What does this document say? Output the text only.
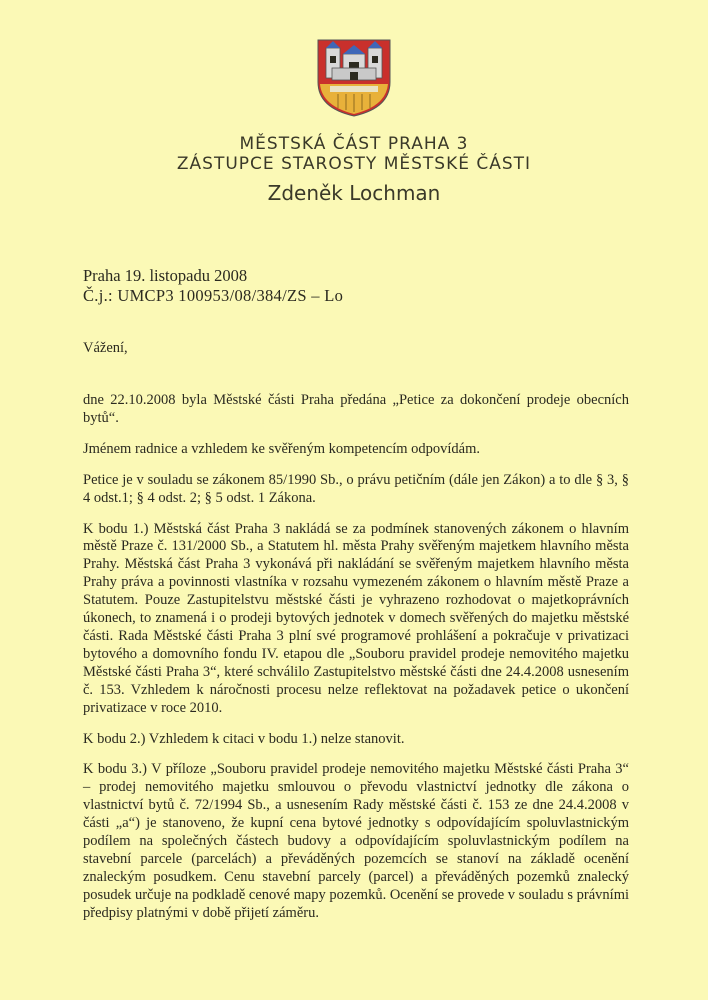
MĚSTSKÁ ČÁST PRAHA 3
ZÁSTUPCE STAROSTY MĚSTSKÉ ČÁSTI
Zdeněk Lochman
Praha 19. listopadu 2008
Č.j.: UMCP3 100953/08/384/ZS – Lo
Vážení,

dne 22.10.2008 byla Městské části Praha předána „Petice za dokončení prodeje obecních bytů“.

Jménem radnice a vzhledem ke svěřeným kompetencím odpovídám.

Petice je v souladu se zákonem 85/1990 Sb., o právu petičním (dále jen Zákon) a to dle § 3, § 4 odst.1; § 4 odst. 2; § 5 odst. 1 Zákona.

K bodu 1.) Městská část Praha 3 nakládá se za podmínek stanovených zákonem o hlavním městě Praze č. 131/2000 Sb., a Statutem hl. města Prahy svěřeným majetkem hlavního města Prahy. Městská část Praha 3 vykonává při nakládání se svěřeným majetkem hlavního města Prahy práva a povinnosti vlastníka v rozsahu vymezeném zákonem o hlavním městě Praze a Statutem. Pouze Zastupitelstvu městské části je vyhrazeno rozhodovat o majetkoprávních úkonech, to znamená i o prodeji bytových jednotek v domech svěřených do majetku městské části. Rada Městské části Praha 3 plní své programové prohlášení a pokračuje v privatizaci bytového a domovního fondu IV. etapou dle „Souboru pravidel prodeje nemovitého majetku Městské části Praha 3“, které schválilo Zastupitelstvo městské části dne 24.4.2008 usnesením č. 153. Vzhledem k náročnosti procesu nelze reflektovat na požadavek petice o ukončení privatizace v roce 2010.

K bodu 2.) Vzhledem k citaci v bodu 1.) nelze stanovit.

K bodu 3.) V příloze „Souboru pravidel prodeje nemovitého majetku Městské části Praha 3“ – prodej nemovitého majetku smlouvou o převodu vlastnictví jednotky dle zákona o vlastnictví bytů č. 72/1994 Sb., a usnesením Rady městské části č. 153 ze dne 24.4.2008 v části „a“) je stanoveno, že kupní cena bytové jednotky s odpovídajícím spoluvlastnickým podílem na společných částech budovy a odpovídajícím spoluvlastnickým podílem na stavební parcele (parcelách) a převáděných pozemcích se stanoví na základě ocenění znaleckým posudkem. Cenu stavební parcely (parcel) a převáděných pozemků znalecký posudek určuje na podkladě cenové mapy pozemků. Ocenění se provede v souladu s právními předpisy platnými v době přijetí záměru.
